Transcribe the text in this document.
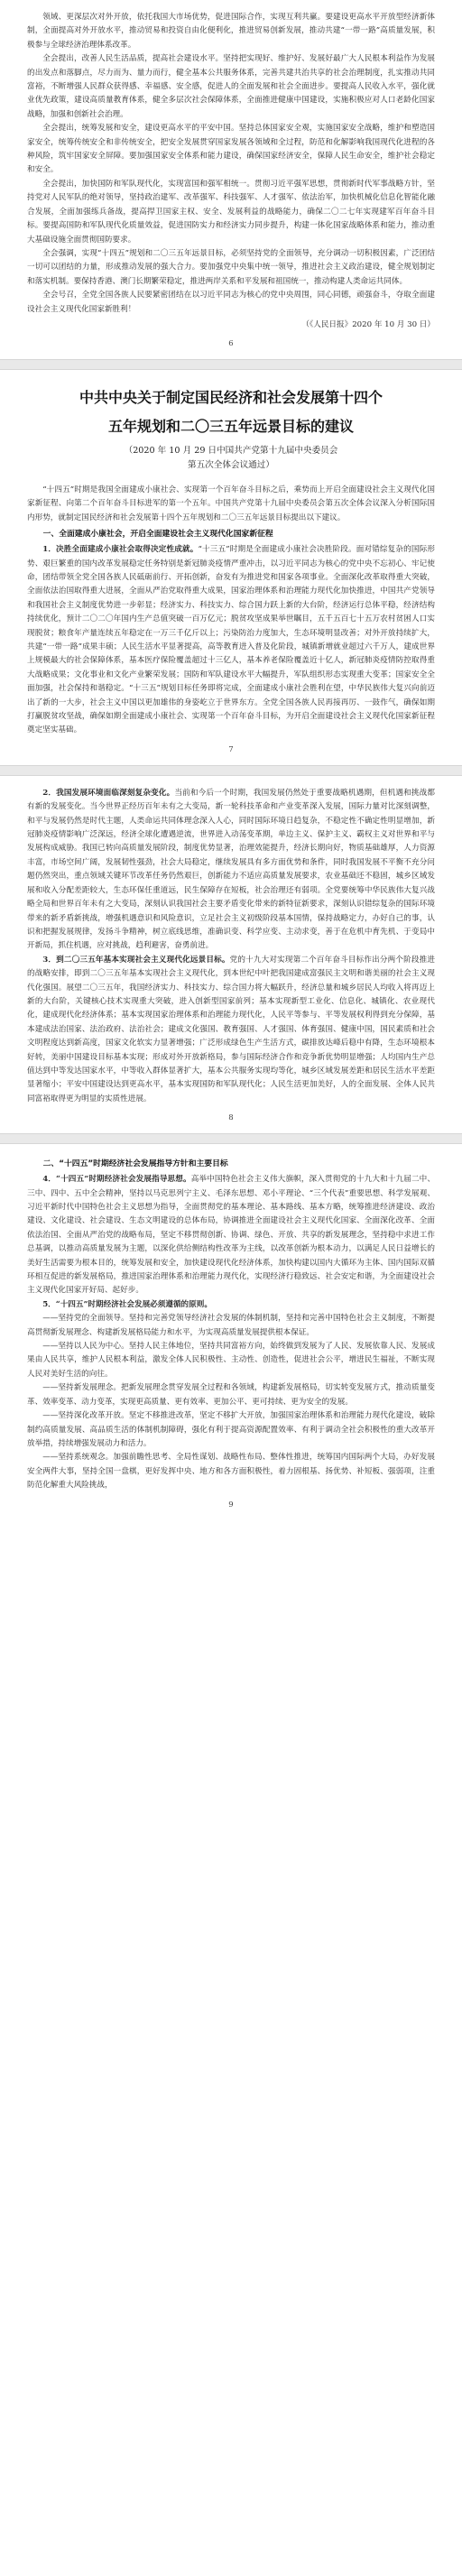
领域、更深层次对外开放，依托我国大市场优势，促进国际合作，实现互利共赢。要建设更高水平开放型经济新体制，全面提高对外开放水平，推动贸易和投资自由化便利化，推进贸易创新发展，推动共建“一带一路”高质量发展，积极参与全球经济治理体系改革。

全会提出，改善人民生活品质，提高社会建设水平。坚持把实现好、维护好、发展好最广大人民根本利益作为发展的出发点和落脚点，尽力而为、量力而行，健全基本公共服务体系，完善共建共治共享的社会治理制度，扎实推动共同富裕，不断增强人民群众获得感、幸福感、安全感，促进人的全面发展和社会全面进步。要提高人民收入水平，强化就业优先政策，建设高质量教育体系，健全多层次社会保障体系，全面推进健康中国建设，实施积极应对人口老龄化国家战略，加强和创新社会治理。

全会提出，统筹发展和安全，建设更高水平的平安中国。坚持总体国家安全观，实施国家安全战略，维护和塑造国家安全，统筹传统安全和非传统安全，把安全发展贯穿国家发展各领域和全过程，防范和化解影响我国现代化进程的各种风险，筑牢国家安全屏障。要加强国家安全体系和能力建设，确保国家经济安全，保障人民生命安全，维护社会稳定和安全。

全会提出，加快国防和军队现代化，实现富国和强军相统一。贯彻习近平强军思想，贯彻新时代军事战略方针，坚持党对人民军队的绝对领导，坚持政治建军、改革强军、科技强军、人才强军、依法治军，加快机械化信息化智能化融合发展，全面加强练兵备战，提高捍卫国家主权、安全、发展利益的战略能力，确保二〇二七年实现建军百年奋斗目标。要提高国防和军队现代化质量效益，促进国防实力和经济实力同步提升，构建一体化国家战略体系和能力，推动重大基础设施全面贯彻国防要求。

全会强调，实现“十四五”规划和二〇三五年远景目标，必须坚持党的全面领导，充分调动一切积极因素，广泛团结一切可以团结的力量，形成推动发展的强大合力。要加强党中央集中统一领导，推进社会主义政治建设，健全规划制定和落实机制。要保持香港、澳门长期繁荣稳定，推进两岸关系和平发展和祖国统一，推动构建人类命运共同体。

全会号召，全党全国各族人民要紧密团结在以习近平同志为核心的党中央周围，同心同德，顽强奋斗，夺取全面建设社会主义现代化国家新胜利！

（《人民日报》2020 年 10 月 30 日）

6
中共中央关于制定国民经济和社会发展第十四个
五年规划和二〇三五年远景目标的建议
（2020 年 10 月 29 日中国共产党第十九届中央委员会
第五次全体会议通过）

“十四五”时期是我国全面建成小康社会、实现第一个百年奋斗目标之后，乘势而上开启全面建设社会主义现代化国家新征程、向第二个百年奋斗目标进军的第一个五年。中国共产党第十九届中央委员会第五次全体会议深入分析国际国内形势，就制定国民经济和社会发展第十四个五年规划和二〇三五年远景目标提出以下建议。

一、全面建成小康社会，开启全面建设社会主义现代化国家新征程

1．决胜全面建成小康社会取得决定性成就。“十三五”时期是全面建成小康社会决胜阶段。面对错综复杂的国际形势、艰巨繁重的国内改革发展稳定任务特别是新冠肺炎疫情严重冲击，以习近平同志为核心的党中央不忘初心、牢记使命，团结带领全党全国各族人民砥砺前行、开拓创新，奋发有为推进党和国家各项事业。全面深化改革取得重大突破，全面依法治国取得重大进展，全面从严治党取得重大成果，国家治理体系和治理能力现代化加快推进，中国共产党领导和我国社会主义制度优势进一步彰显；经济实力、科技实力、综合国力跃上新的大台阶，经济运行总体平稳，经济结构持续优化，预计二〇二〇年国内生产总值突破一百万亿元；脱贫攻坚成果举世瞩目，五千五百七十五万农村贫困人口实现脱贫；粮食年产量连续五年稳定在一万三千亿斤以上；污染防治力度加大，生态环境明显改善；对外开放持续扩大，共建“一带一路”成果丰硕；人民生活水平显著提高，高等教育进入普及化阶段，城镇新增就业超过六千万人，建成世界上规模最大的社会保障体系，基本医疗保险覆盖超过十三亿人，基本养老保险覆盖近十亿人，新冠肺炎疫情防控取得重大战略成果；文化事业和文化产业繁荣发展；国防和军队建设水平大幅提升，军队组织形态实现重大变革；国家安全全面加强，社会保持和谐稳定。“十三五”规划目标任务即将完成，全面建成小康社会胜利在望，中华民族伟大复兴向前迈出了新的一大步，社会主义中国以更加雄伟的身姿屹立于世界东方。全党全国各族人民再接再厉、一鼓作气，确保如期打赢脱贫攻坚战，确保如期全面建成小康社会、实现第一个百年奋斗目标，为开启全面建设社会主义现代化国家新征程奠定坚实基础。

7

2．我国发展环境面临深刻复杂变化。当前和今后一个时期，我国发展仍然处于重要战略机遇期，但机遇和挑战都有新的发展变化。当今世界正经历百年未有之大变局，新一轮科技革命和产业变革深入发展，国际力量对比深刻调整，和平与发展仍然是时代主题，人类命运共同体理念深入人心，同时国际环境日趋复杂，不稳定性不确定性明显增加，新冠肺炎疫情影响广泛深远，经济全球化遭遇逆流，世界进入动荡变革期，单边主义、保护主义、霸权主义对世界和平与发展构成威胁。我国已转向高质量发展阶段，制度优势显著，治理效能提升，经济长期向好，物质基础雄厚，人力资源丰富，市场空间广阔，发展韧性强劲，社会大局稳定，继续发展具有多方面优势和条件，同时我国发展不平衡不充分问题仍然突出，重点领域关键环节改革任务仍然艰巨，创新能力不适应高质量发展要求，农业基础还不稳固，城乡区域发展和收入分配差距较大，生态环保任重道远，民生保障存在短板，社会治理还有弱项。全党要统筹中华民族伟大复兴战略全局和世界百年未有之大变局，深刻认识我国社会主要矛盾变化带来的新特征新要求，深刻认识错综复杂的国际环境带来的新矛盾新挑战，增强机遇意识和风险意识，立足社会主义初级阶段基本国情，保持战略定力，办好自己的事，认识和把握发展规律，发扬斗争精神，树立底线思维，准确识变、科学应变、主动求变，善于在危机中育先机、于变局中开新局，抓住机遇，应对挑战，趋利避害，奋勇前进。

3．到二〇三五年基本实现社会主义现代化远景目标。党的十九大对实现第二个百年奋斗目标作出分两个阶段推进的战略安排，即到二〇三五年基本实现社会主义现代化，到本世纪中叶把我国建成富强民主文明和谐美丽的社会主义现代化强国。展望二〇三五年，我国经济实力、科技实力、综合国力将大幅跃升，经济总量和城乡居民人均收入将再迈上新的大台阶，关键核心技术实现重大突破，进入创新型国家前列；基本实现新型工业化、信息化、城镇化、农业现代化，建成现代化经济体系；基本实现国家治理体系和治理能力现代化，人民平等参与、平等发展权利得到充分保障，基本建成法治国家、法治政府、法治社会；建成文化强国、教育强国、人才强国、体育强国、健康中国，国民素质和社会文明程度达到新高度，国家文化软实力显著增强；广泛形成绿色生产生活方式，碳排放达峰后稳中有降，生态环境根本好转，美丽中国建设目标基本实现；形成对外开放新格局，参与国际经济合作和竞争新优势明显增强；人均国内生产总值达到中等发达国家水平，中等收入群体显著扩大，基本公共服务实现均等化，城乡区域发展差距和居民生活水平差距显著缩小；平安中国建设达到更高水平，基本实现国防和军队现代化；人民生活更加美好，人的全面发展、全体人民共同富裕取得更为明显的实质性进展。

8
二、“十四五”时期经济社会发展指导方针和主要目标

4．“十四五”时期经济社会发展指导思想。高举中国特色社会主义伟大旗帜，深入贯彻党的十九大和十九届二中、三中、四中、五中全会精神，坚持以马克思列宁主义、毛泽东思想、邓小平理论、“三个代表”重要思想、科学发展观、习近平新时代中国特色社会主义思想为指导，全面贯彻党的基本理论、基本路线、基本方略，统筹推进经济建设、政治建设、文化建设、社会建设、生态文明建设的总体布局，协调推进全面建设社会主义现代化国家、全面深化改革、全面依法治国、全面从严治党的战略布局，坚定不移贯彻创新、协调、绿色、开放、共享的新发展理念，坚持稳中求进工作总基调，以推动高质量发展为主题，以深化供给侧结构性改革为主线，以改革创新为根本动力，以满足人民日益增长的美好生活需要为根本目的，统筹发展和安全，加快建设现代化经济体系，加快构建以国内大循环为主体、国内国际双循环相互促进的新发展格局，推进国家治理体系和治理能力现代化，实现经济行稳致远、社会安定和谐，为全面建设社会主义现代化国家开好局、起好步。

5．“十四五”时期经济社会发展必须遵循的原则。

——坚持党的全面领导。坚持和完善党领导经济社会发展的体制机制，坚持和完善中国特色社会主义制度，不断提高贯彻新发展理念、构建新发展格局能力和水平，为实现高质量发展提供根本保证。

——坚持以人民为中心。坚持人民主体地位，坚持共同富裕方向，始终做到发展为了人民、发展依靠人民、发展成果由人民共享，维护人民根本利益，激发全体人民积极性、主动性、创造性，促进社会公平，增进民生福祉，不断实现人民对美好生活的向往。

——坚持新发展理念。把新发展理念贯穿发展全过程和各领域，构建新发展格局，切实转变发展方式，推动质量变革、效率变革、动力变革，实现更高质量、更有效率、更加公平、更可持续、更为安全的发展。

——坚持深化改革开放。坚定不移推进改革，坚定不移扩大开放，加强国家治理体系和治理能力现代化建设，破除制约高质量发展、高品质生活的体制机制障碍，强化有利于提高资源配置效率、有利于调动全社会积极性的重大改革开放举措，持续增强发展动力和活力。

——坚持系统观念。加强前瞻性思考、全局性谋划、战略性布局、整体性推进，统筹国内国际两个大局，办好发展安全两件大事，坚持全国一盘棋，更好发挥中央、地方和各方面积极性，着力固根基、扬优势、补短板、强弱项，注重防范化解重大风险挑战，

9
